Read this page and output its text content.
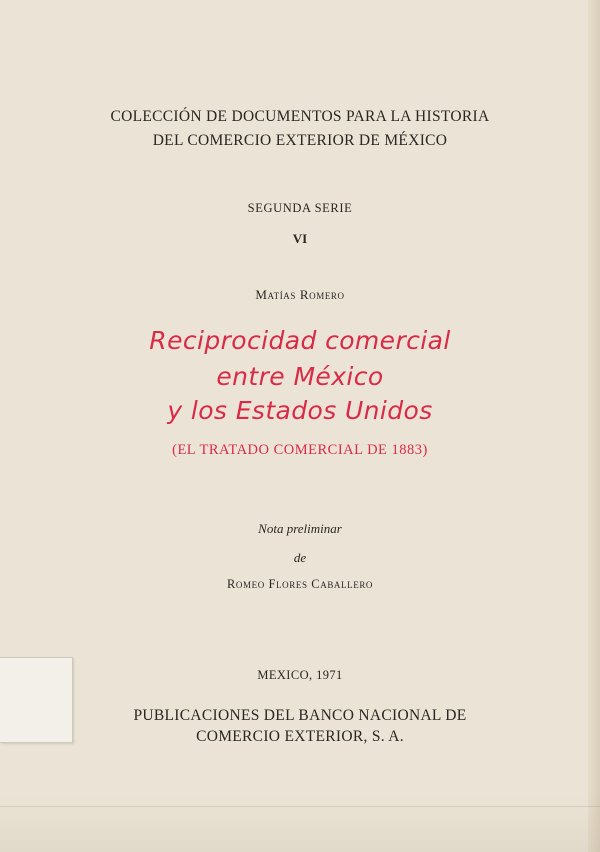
COLECCIÓN DE DOCUMENTOS PARA LA HISTORIA
DEL COMERCIO EXTERIOR DE MÉXICO
SEGUNDA SERIE
VI
Matías Romero
Reciprocidad comercial
entre México
y los Estados Unidos
(EL TRATADO COMERCIAL DE 1883)
Nota preliminar
de
Romeo Flores Caballero
MEXICO, 1971
PUBLICACIONES DEL BANCO NACIONAL DE
COMERCIO EXTERIOR, S. A.
